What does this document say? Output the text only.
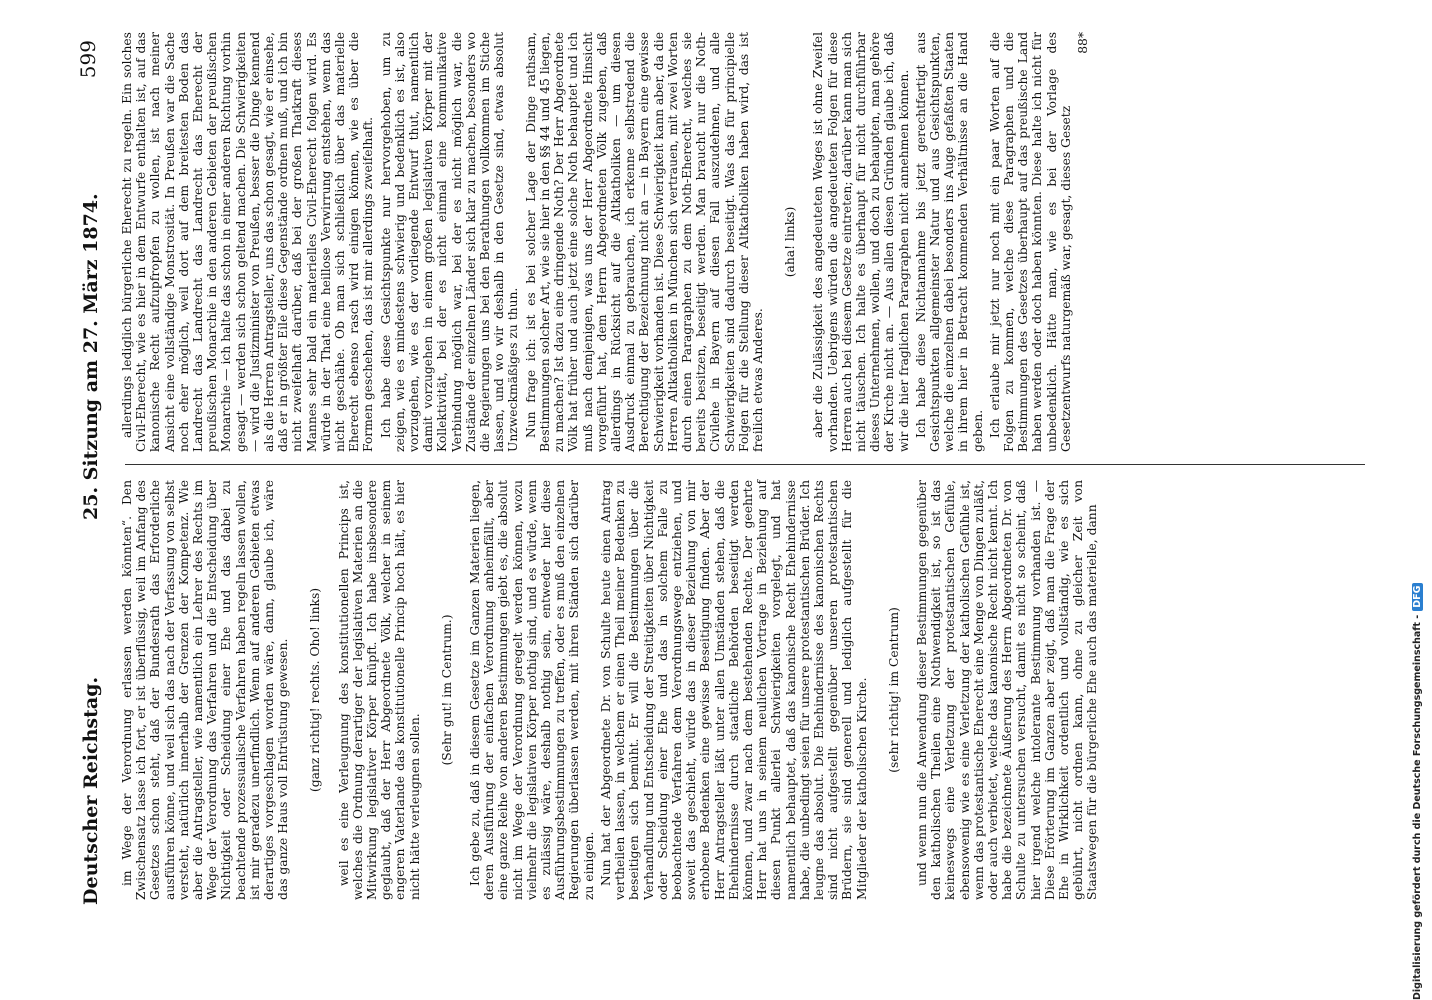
Deutscher Reichstag.
25. Sitzung am 27. März 1874.
599

im Wege der Verordnung erlassen werden könnten“. Den Zwischensatz lasse ich fort, er ist überflüssig, weil im Anfang des Gesetzes schon steht, daß der Bundesrath das Erforderliche ausführen könne, und weil sich das nach der Verfassung von selbst versteht, natürlich innerhalb der Grenzen der Kompetenz. Wie aber die Antragsteller, wie namentlich ein Lehrer des Rechts im Wege der Verordnung das Verfahren und die Entscheidung über Nichtigkeit oder Scheidung einer Ehe und das dabei zu beachtende prozessualische Verfahren haben regeln lassen wollen, ist mir geradezu unerfindlich. Wenn auf anderen Gebieten etwas derartiges vorgeschlagen worden wäre, dann, glaube ich, wäre das ganze Haus voll Entrüstung gewesen. (ganz richtig! rechts. Oho! links) weil es eine Verleugnung des konstitutionellen Princips ist, welches die Ordnung derartiger der legislativen Materien an die Mitwirkung legislativer Körper knüpft. Ich habe insbesondere geglaubt, daß der Herr Abgeordnete Völk, welcher in seinem engeren Vaterlande das konstitutionelle Princip hoch hält, es hier nicht hätte verleugnen sollen.

(Sehr gut! im Centrum.) Ich gebe zu, daß in diesem Gesetze im Ganzen Materien liegen, deren Ausführung der einfachen Verordnung anheimfällt, aber eine ganze Reihe von anderen Bestimmungen giebt es, die absolut nicht im Wege der Verordnung geregelt werden können, wozu vielmehr die legislativen Körper nothig sind, und es würde, wenn es zulässig wäre, deshalb nothig sein, entweder hier diese Ausführungsbestimmungen zu treffen, oder es muß den einzelnen Regierungen überlassen werden, mit ihren Ständen sich darüber zu einigen. Nun hat der Abgeordnete Dr. von Schulte heute einen Antrag vertheilen lassen, in welchem er einen Theil meiner Bedenken zu beseitigen sich bemüht. Er will die Bestimmungen über die Verhandlung und Entscheidung der Streitigkeiten über Nichtigkeit oder Scheidung einer Ehe und das in solchem Falle zu beobachtende Verfahren dem Verordnungswege entziehen, und soweit das geschieht, würde das in dieser Beziehung von mir erhobene Bedenken eine gewisse Beseitigung finden. Aber der Herr Antragsteller läßt unter allen Umständen stehen, daß die Ehehindernisse durch staatliche Behörden beseitigt werden können, und zwar nach dem bestehenden Rechte. Der geehrte Herr hat uns in seinem neulichen Vortrage in Beziehung auf diesen Punkt allerlei Schwierigkeiten vorgelegt, und hat namentlich behauptet, daß das kanonische Recht Ehehindernisse habe, die unbedingt seien für unsere protestantischen Brüder. Ich leugne das absolut. Die Ehehindernisse des kanonischen Rechts sind nicht aufgestellt gegenüber unseren protestantischen Brüdern, sie sind generell und lediglich aufgestellt für die Mitglieder der katholischen Kirche. (sehr richtig! im Centrum) und wenn nun die Anwendung dieser Bestimmungen gegenüber den katholischen Theilen eine Nothwendigkeit ist, so ist das keineswegs eine Verletzung der protestantischen Gefühle, ebensowenig wie es eine Verletzung der katholischen Gefühle ist, wenn das protestantische Eherecht eine Menge von Dingen zuläßt, oder auch verbietet, welche das kanonische Recht nicht kennt. Ich habe die bezeichnete Äußerung des Herrn Abgeordneten Dr. von Schulte zu untersuchen versucht, damit es nicht so scheint, daß hier irgend welche intolerante Bestimmung vorhanden ist. — Diese Erörterung im Ganzen aber zeigt, daß man die Frage der Ehe in Wirklichkeit ordentlich und vollständig, wie es sich gebührt, nicht ordnen kann, ohne zu gleicher Zeit von Staatswegen für die bürgerliche Ehe auch das materielle, dann

allerdings lediglich bürgerliche Eherecht zu regeln. Ein solches Civil-Eherecht, wie es hier in dem Entwurfe enthalten ist, auf das kanonische Recht aufzupfropfen zu wollen, ist nach meiner Ansicht eine vollständige Monstrosität. In Preußen war die Sache noch eher möglich, weil dort auf dem breitesten Boden das Landrecht das Landrecht das Landrecht das Eherecht der preußischen Monarchie in den anderen Gebieten der preußischen Monarchie — ich halte das schon in einer anderen Richtung vorhin gesagt — werden sich schon geltend machen. Die Schwierigkeiten — wird die Justizminister von Preußen, besser die Dinge kennend als die Herren Antragsteller, uns das schon gesagt, wie er einsehe, daß er in größter Eile diese Gegenstände ordnen muß, und ich bin nicht zweifelhaft darüber, daß bei der großen Thatkraft dieses Mannes sehr bald ein materielles Civil-Eherecht folgen wird. Es würde in der That eine heillose Verwirrung entstehen, wenn das nicht geschähe. Ob man sich schließlich über das materielle Eherecht ebenso rasch wird einigen können, wie es über die Formen geschehen, das ist mir allerdings zweifelhaft. Ich habe diese Gesichtspunkte nur hervorgehoben, um zu zeigen, wie es mindestens schwierig und bedenklich es ist, also vorzugehen, wie es der vorliegende Entwurf thut, namentlich damit vorzugehen in einem großen legislativen Körper mit der Kollektivität, bei der es nicht einmal eine kommunikative Verbindung möglich war, bei der es nicht möglich war, die Zustände der einzelnen Länder sich klar zu machen, besonders wo die Regierungen uns bei den Berathungen vollkommen im Stiche lassen, und wo wir deshalb in den Gesetze sind, etwas absolut Unzweckmäßiges zu thun. Nun frage ich: ist es bei solcher Lage der Dinge rathsam, Bestimmungen solcher Art, wie sie hier in den §§ 44 und 45 liegen, zu machen? Ist dazu eine dringende Noth? Der Herr Abgeordnete Völk hat früher und auch jetzt eine solche Noth behauptet und ich muß nach demjenigen, was uns der Herr Abgeordnete Hinsicht vorgeführt hat, dem Herrn Abgeordneten Völk zugeben, daß allerdings in Rücksicht auf die Altkatholiken — um diesen Ausdruck einmal zu gebrauchen, ich erkenne selbstredend die Berechtigung der Bezeichnung nicht an — in Bayern eine gewisse Schwierigkeit vorhanden ist. Diese Schwierigkeit kann aber, da die Herren Altkatholiken in München sich vertrauen, mit zwei Worten durch einen Paragraphen zu dem Noth-Eherecht, welches sie bereits besitzen, beseitigt werden. Man braucht nur die Noth-Civilehe in Bayern auf diesen Fall auszudehnen, und alle Schwierigkeiten sind dadurch beseitigt. Was das für principielle Folgen für die Stellung dieser Altkatholiken haben wird, das ist freilich etwas Anderes.

(aha! links) aber die Zulässigkeit des angedeuteten Weges ist ohne Zweifel vorhanden. Uebrigens würden die angedeuteten Folgen für diese Herren auch bei diesem Gesetze eintreten; darüber kann man sich nicht täuschen. Ich halte es überhaupt für nicht durchführbar dieses Unternehmen, wollen, und doch zu behaupten, man gehöre der Kirche nicht an. — Aus allen diesen Gründen glaube ich, daß wir die hier fraglichen Paragraphen nicht annehmen können. Ich habe diese Nichtannahme bis jetzt gerechtfertigt aus Gesichtspunkten allgemeinster Natur und aus Gesichtspunkten, welche die einzelnen dabei besonders ins Auge gefaßten Staaten in ihrem hier in Betracht kommenden Verhältnisse an die Hand geben. Ich erlaube mir jetzt nur noch mit ein paar Worten auf die Folgen zu kommen, welche diese Paragraphen und die Bestimmungen des Gesetzes überhaupt auf das preußische Land haben werden oder doch haben könnten. Diese halte ich nicht für unbedenklich. Hätte man, wie es bei der Vorlage des Gesetzentwurfs naturgemäß war, gesagt, dieses Gesetz

88*

Digitalisierung gefördert durch die Deutsche Forschungsgemeinschaft -DFG
